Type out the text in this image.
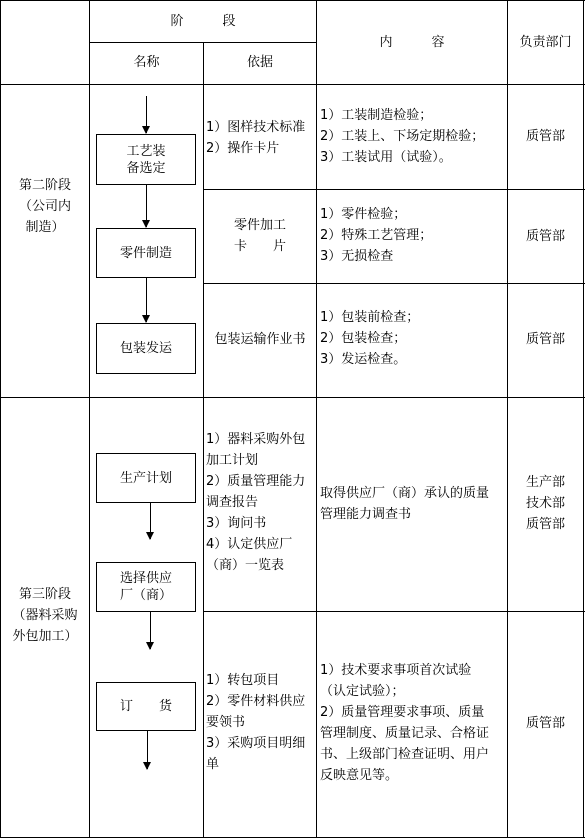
阶　　　段
名称	依据
内　　　容	负责部门
第二阶段
（公司内
制造）
工艺装
备选定
零件制造
包装发运
1）图样技术标准
2）操作卡片
1）工装制造检验；
2）工装上、下场定期检验；
3）工装试用（试验）。
质管部
零件加工
卡　　片
1）零件检验；
2）特殊工艺管理；
3）无损检查
质管部
包装运输作业书
1）包装前检查；
2）包装检查；
3）发运检查。
质管部
第三阶段
（器料采购
外包加工）
生产计划
选择供应
厂（商）
订　　货
1）器料采购外包
加工计划
2）质量管理能力
调查报告
3）询问书
4）认定供应厂
（商）一览表
取得供应厂（商）承认的质量
管理能力调查书
生产部
技术部
质管部
1）转包项目
2）零件材料供应
要领书
3）采购项目明细
单
1）技术要求事项首次试验
（认定试验）；
2）质量管理要求事项、质量
管理制度、质量记录、合格证
书、上级部门检查证明、用户
反映意见等。
质管部
